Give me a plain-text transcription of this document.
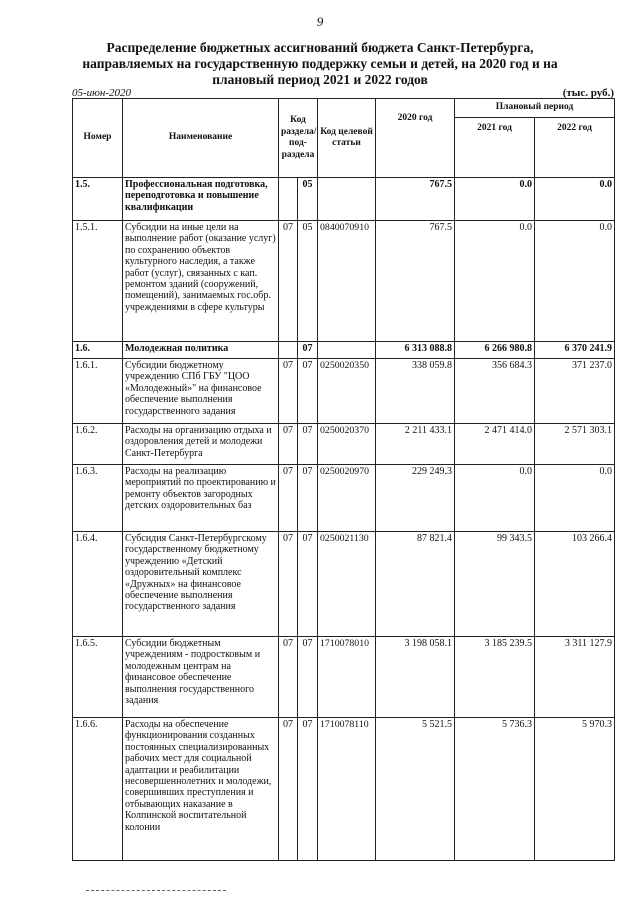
9
Распределение бюджетных ассигнований бюджета Санкт-Петербурга, направляемых на государственную поддержку семьи и детей, на 2020 год и на плановый период 2021 и 2022 годов
05-июн-2020	(тыс. руб.)
Номер	Наименование	Код раздела/ под-раздела		Код целевой статьи	2020 год	Плановый период	
						2021 год	2022 год
1.5.	Профессиональная подготовка, переподготовка и повышение квалификации		05		767.5	0.0	0.0
1.5.1.	Субсидии на иные цели на выполнение работ (оказание услуг) по сохранению объектов культурного наследия, а также работ (услуг), связанных с кап. ремонтом зданий (сооружений, помещений), занимаемых гос.обр. учреждениями в сфере культуры	07	05	0840070910	767.5	0.0	0.0
1.6.	Молодежная политика		07		6 313 088.8	6 266 980.8	6 370 241.9
1.6.1.	Субсидии бюджетному учреждению СПб ГБУ "ЦОО «Молодежный»" на финансовое обеспечение выполнения государственного задания	07	07	0250020350	338 059.8	356 684.3	371 237.0
1.6.2.	Расходы на организацию отдыха и оздоровления детей и молодежи Санкт-Петербурга	07	07	0250020370	2 211 433.1	2 471 414.0	2 571 303.1
1.6.3.	Расходы на реализацию мероприятий по проектированию и ремонту объектов загородных детских оздоровительных баз	07	07	0250020970	229 249.3	0.0	0.0
1.6.4.	Субсидия Санкт-Петербургскому государственному бюджетному учреждению «Детский оздоровительный комплекс «Дружных» на финансовое обеспечение выполнения государственного задания	07	07	0250021130	87 821.4	99 343.5	103 266.4
1.6.5.	Субсидии бюджетным учреждениям - подростковым и молодежным центрам на финансовое обеспечение выполнения государственного задания	07	07	1710078010	3 198 058.1	3 185 239.5	3 311 127.9
1.6.6.	Расходы на обеспечение функционирования созданных постоянных специализированных рабочих мест для социальной адаптации и реабилитации несовершеннолетних и молодежи, совершивших преступления и отбывающих наказание в Колпинской воспитательной колонии	07	07	1710078110	5 521.5	5 736.3	5 970.3
